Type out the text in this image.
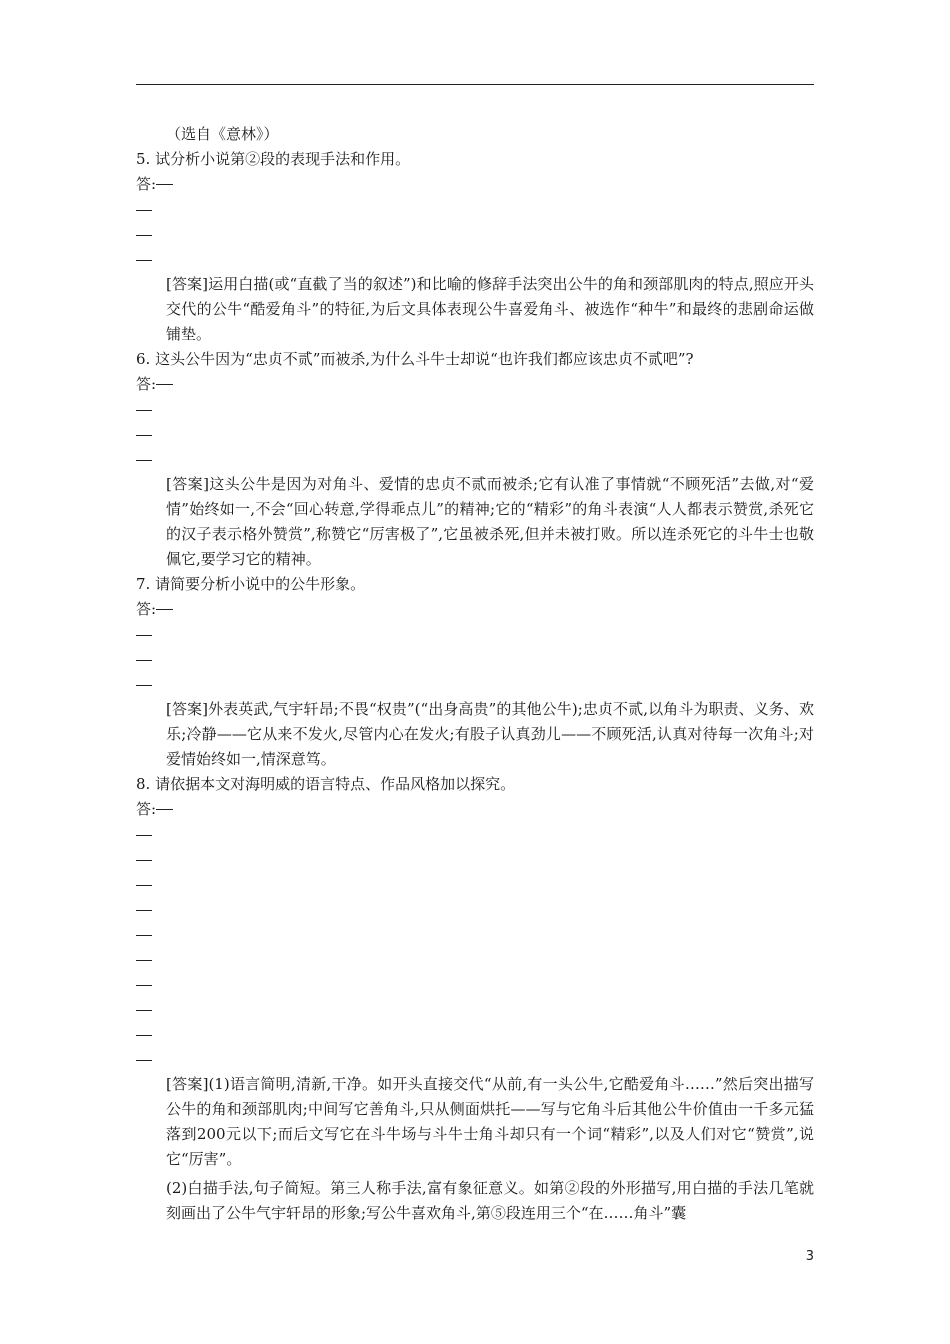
（选自《意林》）
5. 试分析小说第②段的表现手法和作用。
答:
[答案]运用白描(或“直截了当的叙述”)和比喻的修辞手法突出公牛的角和颈部肌肉的特点,照应开头交代的公牛“酷爱角斗”的特征,为后文具体表现公牛喜爱角斗、被选作“种牛”和最终的悲剧命运做铺垫。
6. 这头公牛因为“忠贞不贰”而被杀,为什么斗牛士却说“也许我们都应该忠贞不贰吧”?
答:
[答案]这头公牛是因为对角斗、爱情的忠贞不贰而被杀;它有认准了事情就“不顾死活”去做,对“爱情”始终如一,不会“回心转意,学得乖点儿”的精神;它的“精彩”的角斗表演“人人都表示赞赏,杀死它的汉子表示格外赞赏”,称赞它“厉害极了”,它虽被杀死,但并未被打败。所以连杀死它的斗牛士也敬佩它,要学习它的精神。
7. 请简要分析小说中的公牛形象。
答:
[答案]外表英武,气宇轩昂;不畏“权贵”(“出身高贵”的其他公牛);忠贞不贰,以角斗为职责、义务、欢乐;冷静——它从来不发火,尽管内心在发火;有股子认真劲儿——不顾死活,认真对待每一次角斗;对爱情始终如一,情深意笃。
8. 请依据本文对海明威的语言特点、作品风格加以探究。
答:
[答案](1)语言简明,清新,干净。如开头直接交代“从前,有一头公牛,它酷爱角斗……”然后突出描写公牛的角和颈部肌肉;中间写它善角斗,只从侧面烘托——写与它角斗后其他公牛价值由一千多元猛落到200元以下;而后文写它在斗牛场与斗牛士角斗却只有一个词“精彩”,以及人们对它“赞赏”,说它“厉害”。
(2)白描手法,句子简短。第三人称手法,富有象征意义。如第②段的外形描写,用白描的手法几笔就刻画出了公牛气宇轩昂的形象;写公牛喜欢角斗,第⑤段连用三个“在……角斗”囊
3
